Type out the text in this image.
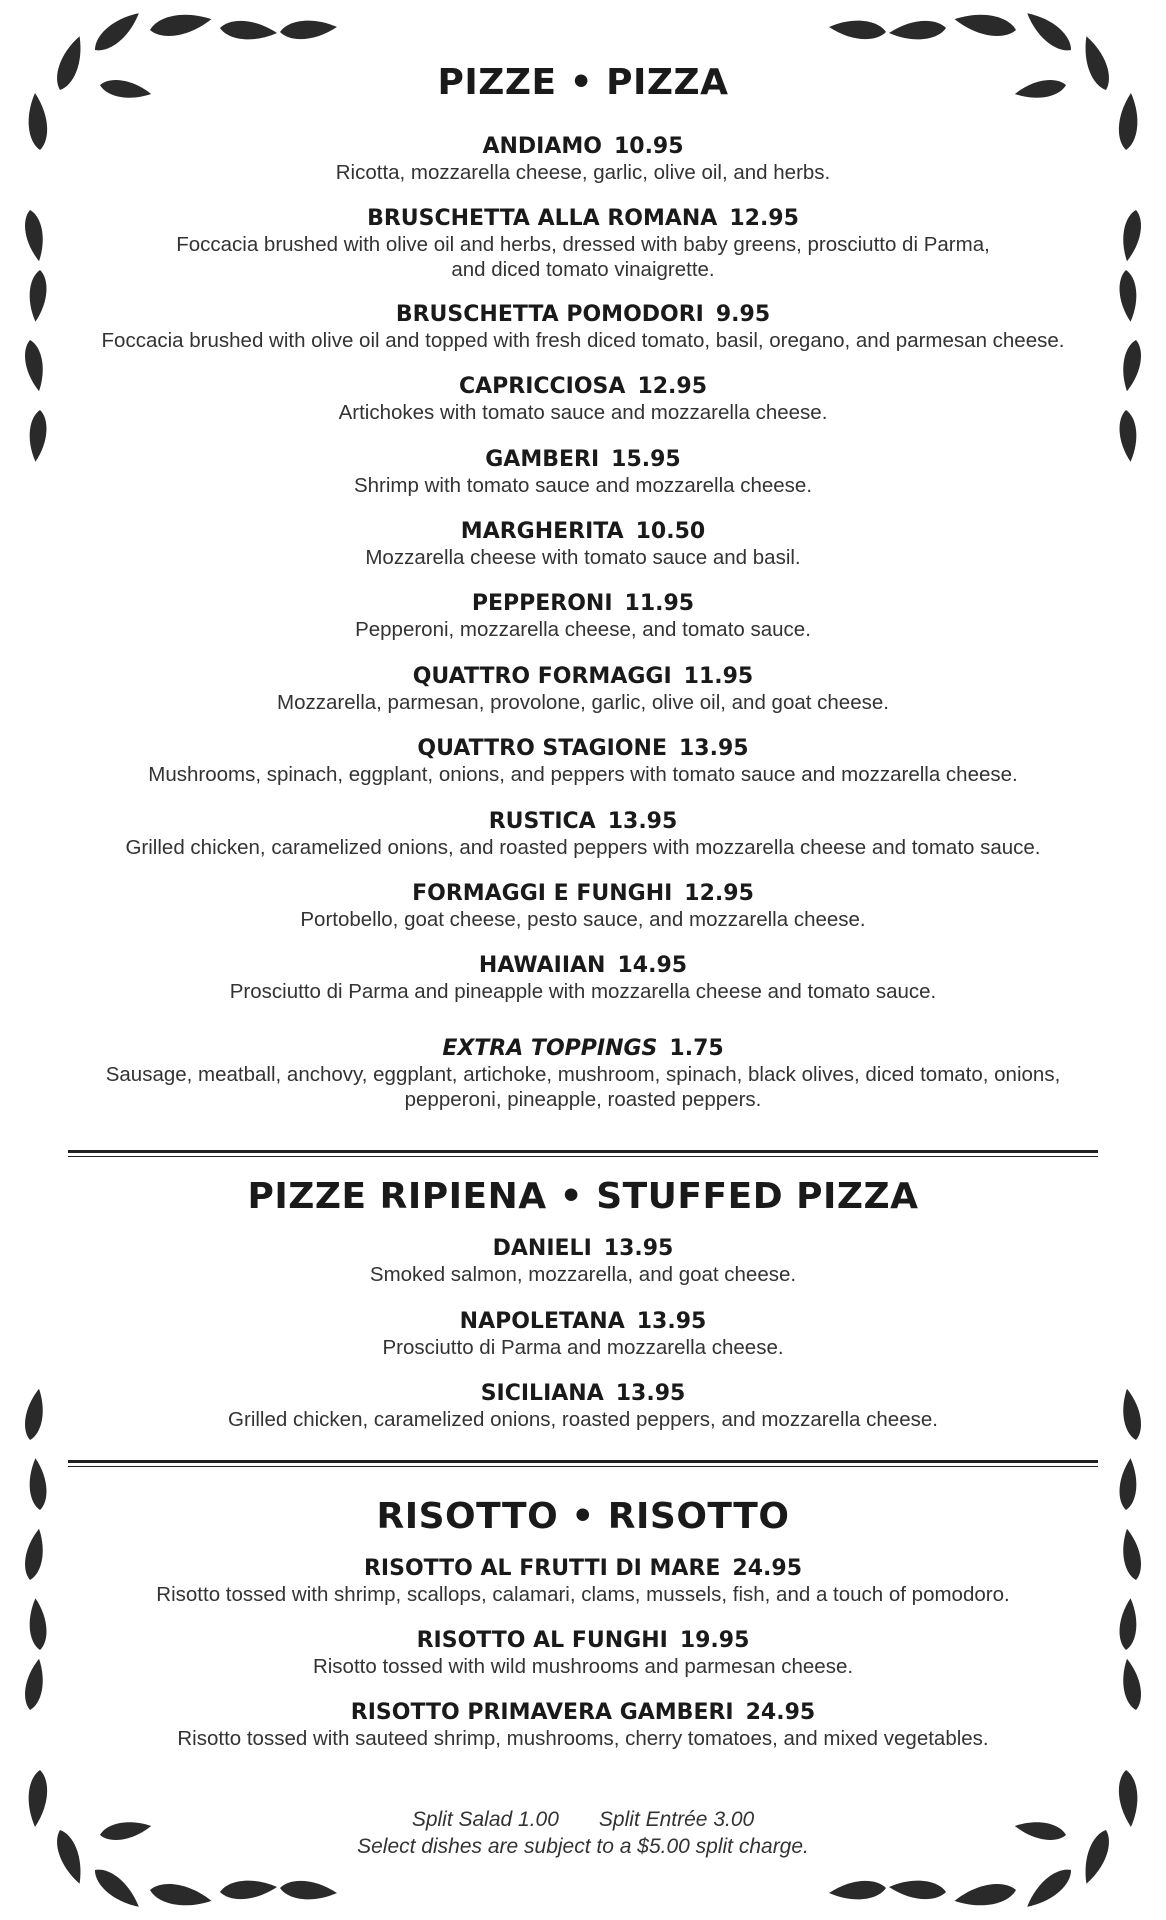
PIZZE • PIZZA
ANDIAMO 10.95
Ricotta, mozzarella cheese, garlic, olive oil, and herbs.
BRUSCHETTA ALLA ROMANA 12.95
Foccacia brushed with olive oil and herbs, dressed with baby greens, prosciutto di Parma,
and diced tomato vinaigrette.
BRUSCHETTA POMODORI 9.95
Foccacia brushed with olive oil and topped with fresh diced tomato, basil, oregano, and parmesan cheese.
CAPRICCIOSA 12.95
Artichokes with tomato sauce and mozzarella cheese.
GAMBERI 15.95
Shrimp with tomato sauce and mozzarella cheese.
MARGHERITA 10.50
Mozzarella cheese with tomato sauce and basil.
PEPPERONI 11.95
Pepperoni, mozzarella cheese, and tomato sauce.
QUATTRO FORMAGGI 11.95
Mozzarella, parmesan, provolone, garlic, olive oil, and goat cheese.
QUATTRO STAGIONE 13.95
Mushrooms, spinach, eggplant, onions, and peppers with tomato sauce and mozzarella cheese.
RUSTICA 13.95
Grilled chicken, caramelized onions, and roasted peppers with mozzarella cheese and tomato sauce.
FORMAGGI E FUNGHI 12.95
Portobello, goat cheese, pesto sauce, and mozzarella cheese.
HAWAIIAN 14.95
Prosciutto di Parma and pineapple with mozzarella cheese and tomato sauce.
EXTRA TOPPINGS 1.75
Sausage, meatball, anchovy, eggplant, artichoke, mushroom, spinach, black olives, diced tomato, onions,
pepperoni, pineapple, roasted peppers.
PIZZE RIPIENA • STUFFED PIZZA
DANIELI 13.95
Smoked salmon, mozzarella, and goat cheese.
NAPOLETANA 13.95
Prosciutto di Parma and mozzarella cheese.
SICILIANA 13.95
Grilled chicken, caramelized onions, roasted peppers, and mozzarella cheese.
RISOTTO • RISOTTO
RISOTTO AL FRUTTI DI MARE 24.95
Risotto tossed with shrimp, scallops, calamari, clams, mussels, fish, and a touch of pomodoro.
RISOTTO AL FUNGHI 19.95
Risotto tossed with wild mushrooms and parmesan cheese.
RISOTTO PRIMAVERA GAMBERI 24.95
Risotto tossed with sauteed shrimp, mushrooms, cherry tomatoes, and mixed vegetables.
Split Salad 1.00 Split Entrée 3.00
Select dishes are subject to a $5.00 split charge.
